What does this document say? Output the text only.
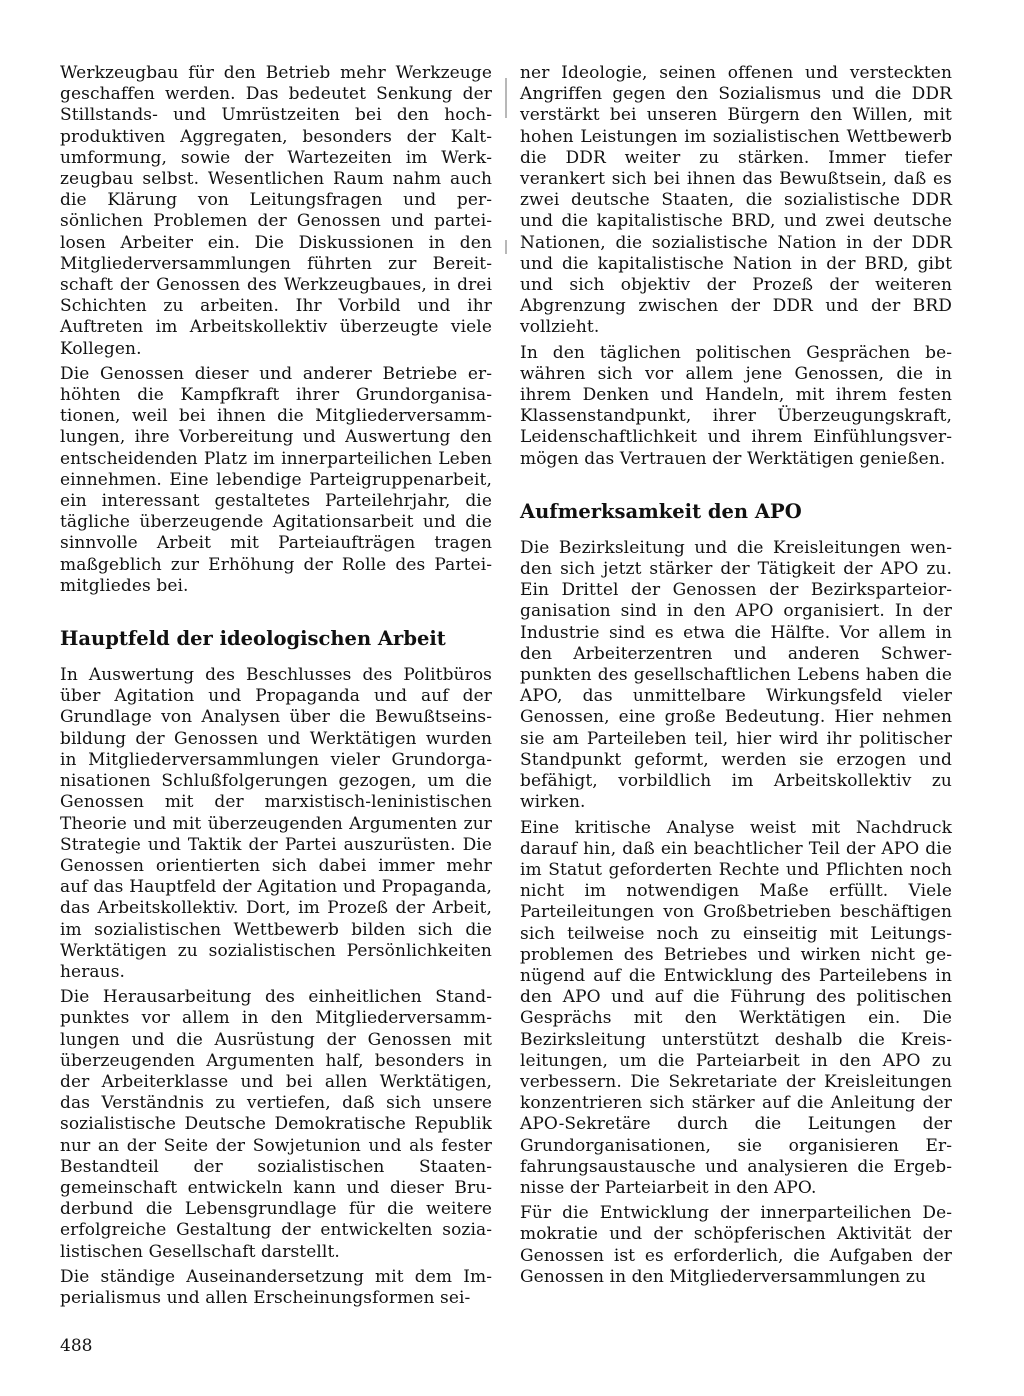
Werkzeugbau für den Betrieb mehr Werkzeuge geschaffen werden. Das bedeutet Senkung der Stillstands- und Umrüstzeiten bei den hochproduktiven Aggregaten, besonders der Kaltumformung, sowie der Wartezeiten im Werkzeugbau selbst. Wesentlichen Raum nahm auch die Klärung von Leitungsfragen und persönlichen Problemen der Genossen und parteilosen Arbeiter ein. Die Diskussionen in den Mitgliederversammlungen führten zur Bereitschaft der Genossen des Werkzeugbaues, in drei Schichten zu arbeiten. Ihr Vorbild und ihr Auftreten im Arbeitskollektiv überzeugte viele Kollegen.

Die Genossen dieser und anderer Betriebe erhöhten die Kampfkraft ihrer Grundorganisationen, weil bei ihnen die Mitgliederversammlungen, ihre Vorbereitung und Auswertung den entscheidenden Platz im innerparteilichen Leben einnehmen. Eine lebendige Parteigruppenarbeit, ein interessant gestaltetes Parteilehrjahr, die tägliche überzeugende Agitationsarbeit und die sinnvolle Arbeit mit Parteiaufträgen tragen maßgeblich zur Erhöhung der Rolle des Parteimitgliedes bei.

Hauptfeld der ideologischen Arbeit

In Auswertung des Beschlusses des Politbüros über Agitation und Propaganda und auf der Grundlage von Analysen über die Bewußtseinsbildung der Genossen und Werktätigen wurden in Mitgliederversammlungen vieler Grundorganisationen Schlußfolgerungen gezogen, um die Genossen mit der marxistisch-leninistischen Theorie und mit überzeugenden Argumenten zur Strategie und Taktik der Partei auszurüsten. Die Genossen orientierten sich dabei immer mehr auf das Hauptfeld der Agitation und Propaganda, das Arbeitskollektiv. Dort, im Prozeß der Arbeit, im sozialistischen Wettbewerb bilden sich die Werktätigen zu sozialistischen Persönlichkeiten heraus.

Die Herausarbeitung des einheitlichen Standpunktes vor allem in den Mitgliederversammlungen und die Ausrüstung der Genossen mit überzeugenden Argumenten half, besonders in der Arbeiterklasse und bei allen Werktätigen, das Verständnis zu vertiefen, daß sich unsere sozialistische Deutsche Demokratische Republik nur an der Seite der Sowjetunion und als fester Bestandteil der sozialistischen Staatengemeinschaft entwickeln kann und dieser Bruderbund die Lebensgrundlage für die weitere erfolgreiche Gestaltung der entwickelten sozialistischen Gesellschaft darstellt.

Die ständige Auseinandersetzung mit dem Imperialismus und allen Erscheinungsformen sei-

ner Ideologie, seinen offenen und versteckten Angriffen gegen den Sozialismus und die DDR verstärkt bei unseren Bürgern den Willen, mit hohen Leistungen im sozialistischen Wettbewerb die DDR weiter zu stärken. Immer tiefer verankert sich bei ihnen das Bewußtsein, daß es zwei deutsche Staaten, die sozialistische DDR und die kapitalistische BRD, und zwei deutsche Nationen, die sozialistische Nation in der DDR und die kapitalistische Nation in der BRD, gibt und sich objektiv der Prozeß der weiteren Abgrenzung zwischen der DDR und der BRD vollzieht.

In den täglichen politischen Gesprächen bewähren sich vor allem jene Genossen, die in ihrem Denken und Handeln, mit ihrem festen Klassenstandpunkt, ihrer Überzeugungskraft, Leidenschaftlichkeit und ihrem Einfühlungsvermögen das Vertrauen der Werktätigen genießen.

Aufmerksamkeit den APO

Die Bezirksleitung und die Kreisleitungen wenden sich jetzt stärker der Tätigkeit der APO zu. Ein Drittel der Genossen der Bezirksparteiorganisation sind in den APO organisiert. In der Industrie sind es etwa die Hälfte. Vor allem in den Arbeiterzentren und anderen Schwerpunkten des gesellschaftlichen Lebens haben die APO, das unmittelbare Wirkungsfeld vieler Genossen, eine große Bedeutung. Hier nehmen sie am Parteileben teil, hier wird ihr politischer Standpunkt geformt, werden sie erzogen und befähigt, vorbildlich im Arbeitskollektiv zu wirken.

Eine kritische Analyse weist mit Nachdruck darauf hin, daß ein beachtlicher Teil der APO die im Statut geforderten Rechte und Pflichten noch nicht im notwendigen Maße erfüllt. Viele Parteileitungen von Großbetrieben beschäftigen sich teilweise noch zu einseitig mit Leitungsproblemen des Betriebes und wirken nicht genügend auf die Entwicklung des Parteilebens in den APO und auf die Führung des politischen Gesprächs mit den Werktätigen ein. Die Bezirksleitung unterstützt deshalb die Kreisleitungen, um die Parteiarbeit in den APO zu verbessern. Die Sekretariate der Kreisleitungen konzentrieren sich stärker auf die Anleitung der APO-Sekretäre durch die Leitungen der Grundorganisationen, sie organisieren Erfahrungsaustausche und analysieren die Ergebnisse der Parteiarbeit in den APO.

Für die Entwicklung der innerparteilichen Demokratie und der schöpferischen Aktivität der Genossen ist es erforderlich, die Aufgaben der Genossen in den Mitgliederversammlungen zu

488
